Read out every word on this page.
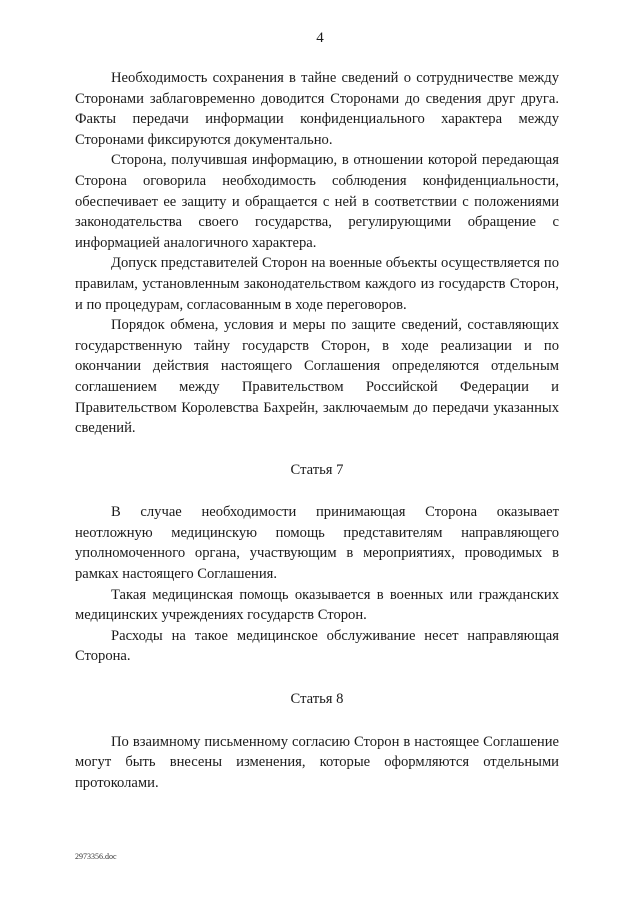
4

Необходимость сохранения в тайне сведений о сотрудничестве между Сторонами заблаговременно доводится Сторонами до сведения друг друга. Факты передачи информации конфиденциального характера между Сторонами фиксируются документально.

Сторона, получившая информацию, в отношении которой передающая Сторона оговорила необходимость соблюдения конфиденциальности, обеспечивает ее защиту и обращается с ней в соответствии с положениями законодательства своего государства, регулирующими обращение с информацией аналогичного характера.

Допуск представителей Сторон на военные объекты осуществляется по правилам, установленным законодательством каждого из государств Сторон, и по процедурам, согласованным в ходе переговоров.

Порядок обмена, условия и меры по защите сведений, составляющих государственную тайну государств Сторон, в ходе реализации и по окончании действия настоящего Соглашения определяются отдельным соглашением между Правительством Российской Федерации и Правительством Королевства Бахрейн, заключаемым до передачи указанных сведений.

Статья 7

В случае необходимости принимающая Сторона оказывает неотложную медицинскую помощь представителям направляющего уполномоченного органа, участвующим в мероприятиях, проводимых в рамках настоящего Соглашения.

Такая медицинская помощь оказывается в военных или гражданских медицинских учреждениях государств Сторон.

Расходы на такое медицинское обслуживание несет направляющая Сторона.

Статья 8

По взаимному письменному согласию Сторон в настоящее Соглашение могут быть внесены изменения, которые оформляются отдельными протоколами.

2973356.doc
